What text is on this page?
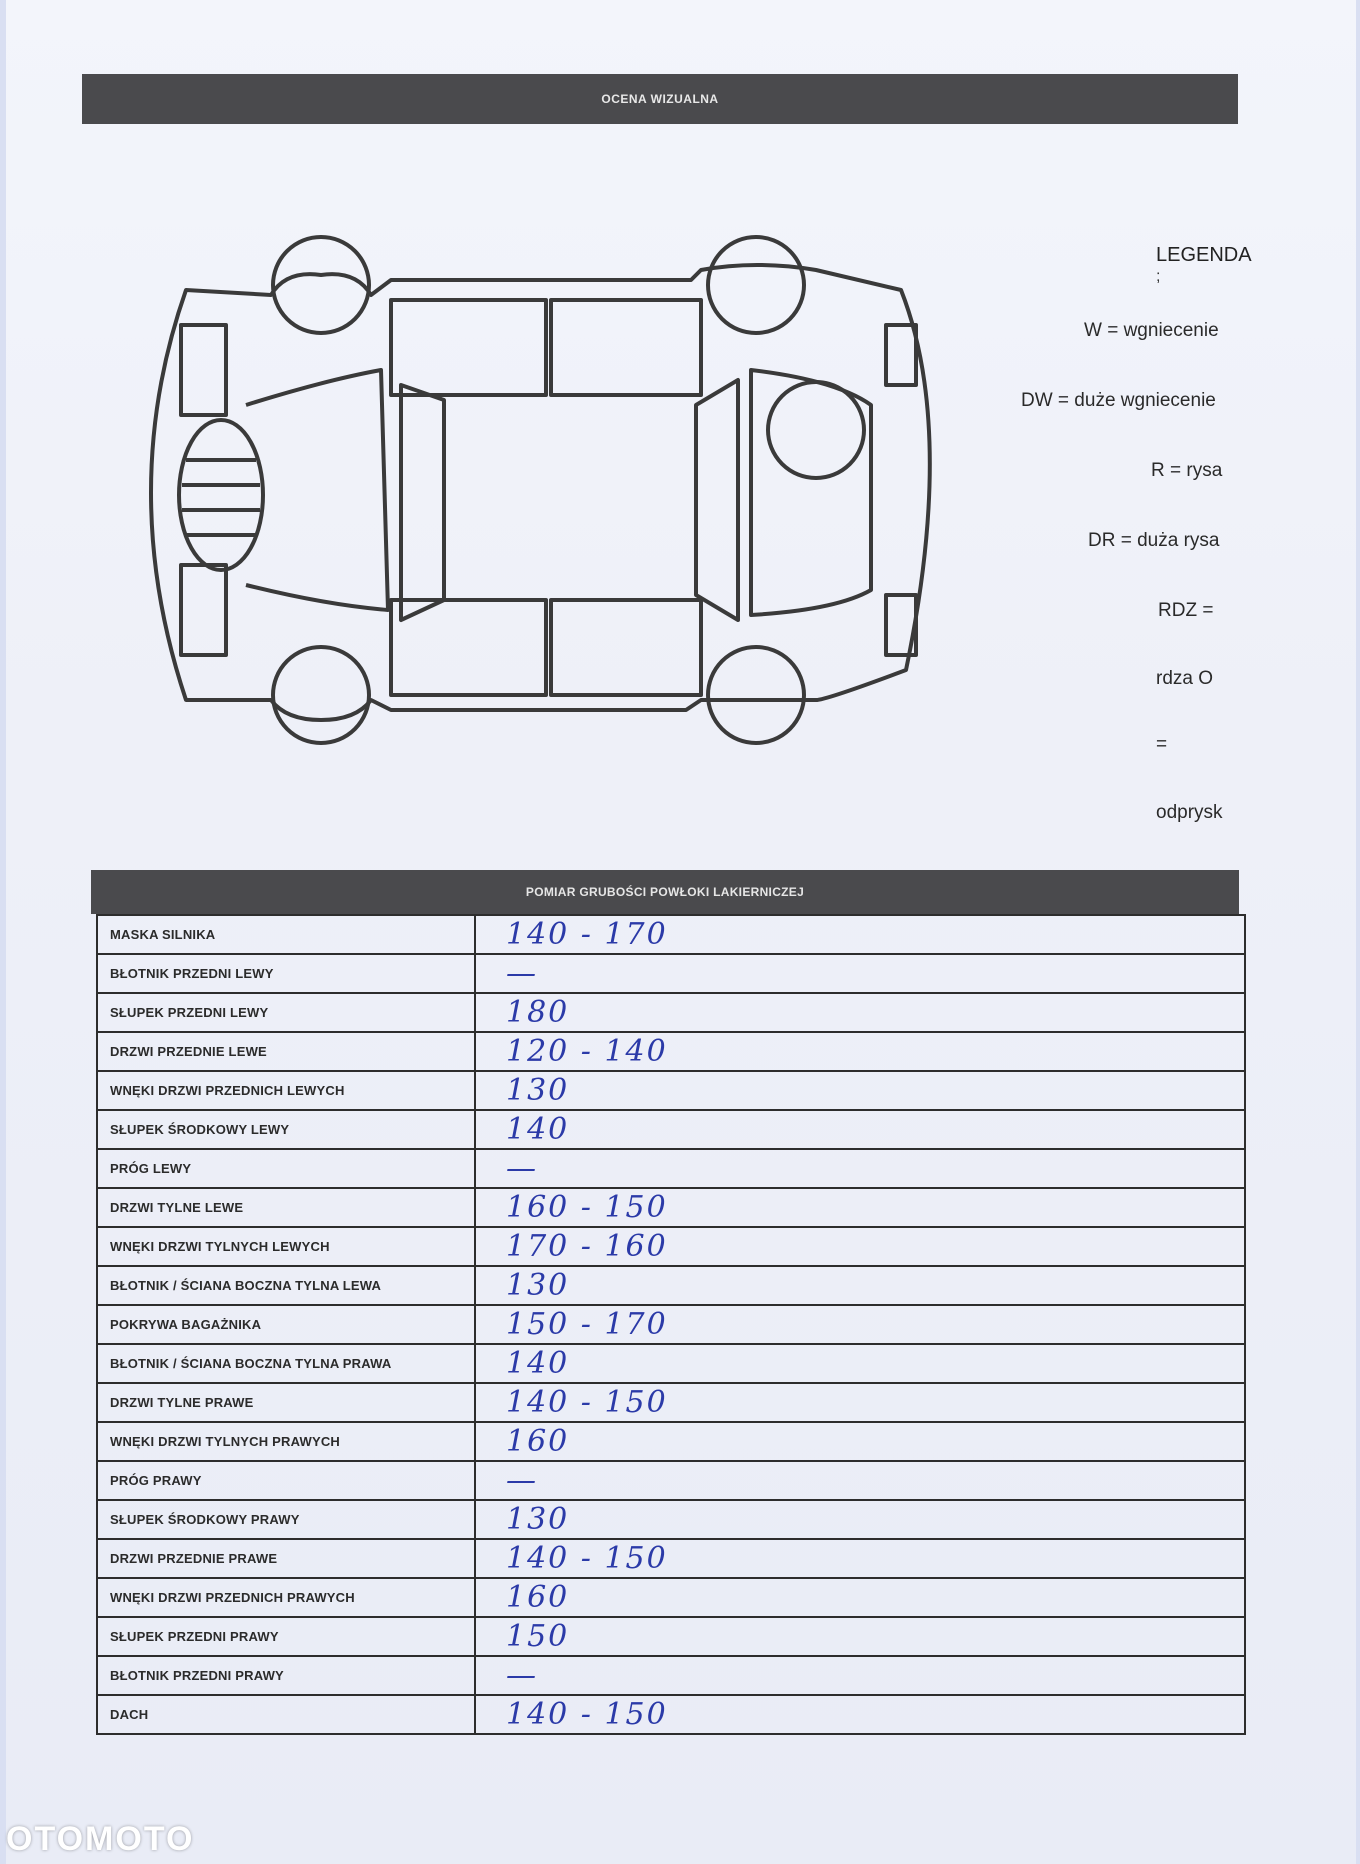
OCENA WIZUALNA
LEGENDA
;
W = wgniecenie
DW = duże wgniecenie
R = rysa
DR = duża rysa
RDZ =
rdza O
=
odprysk
POMIAR GRUBOŚCI POWŁOKI LAKIERNICZEJ
MASKA SILNIKA	140 - 170
BŁOTNIK PRZEDNI LEWY	—
SŁUPEK PRZEDNI LEWY	180
DRZWI PRZEDNIE LEWE	120 - 140
WNĘKI DRZWI PRZEDNICH LEWYCH	130
SŁUPEK ŚRODKOWY LEWY	140
PRÓG LEWY	—
DRZWI TYLNE LEWE	160 - 150
WNĘKI DRZWI TYLNYCH LEWYCH	170 - 160
BŁOTNIK / ŚCIANA BOCZNA TYLNA LEWA	130
POKRYWA BAGAŻNIKA	150 - 170
BŁOTNIK / ŚCIANA BOCZNA TYLNA PRAWA	140
DRZWI TYLNE PRAWE	140 - 150
WNĘKI DRZWI TYLNYCH PRAWYCH	160
PRÓG PRAWY	—
SŁUPEK ŚRODKOWY PRAWY	130
DRZWI PRZEDNIE PRAWE	140 - 150
WNĘKI DRZWI PRZEDNICH PRAWYCH	160
SŁUPEK PRZEDNI PRAWY	150
BŁOTNIK PRZEDNI PRAWY	—
DACH	140 - 150
OTOMOTO
